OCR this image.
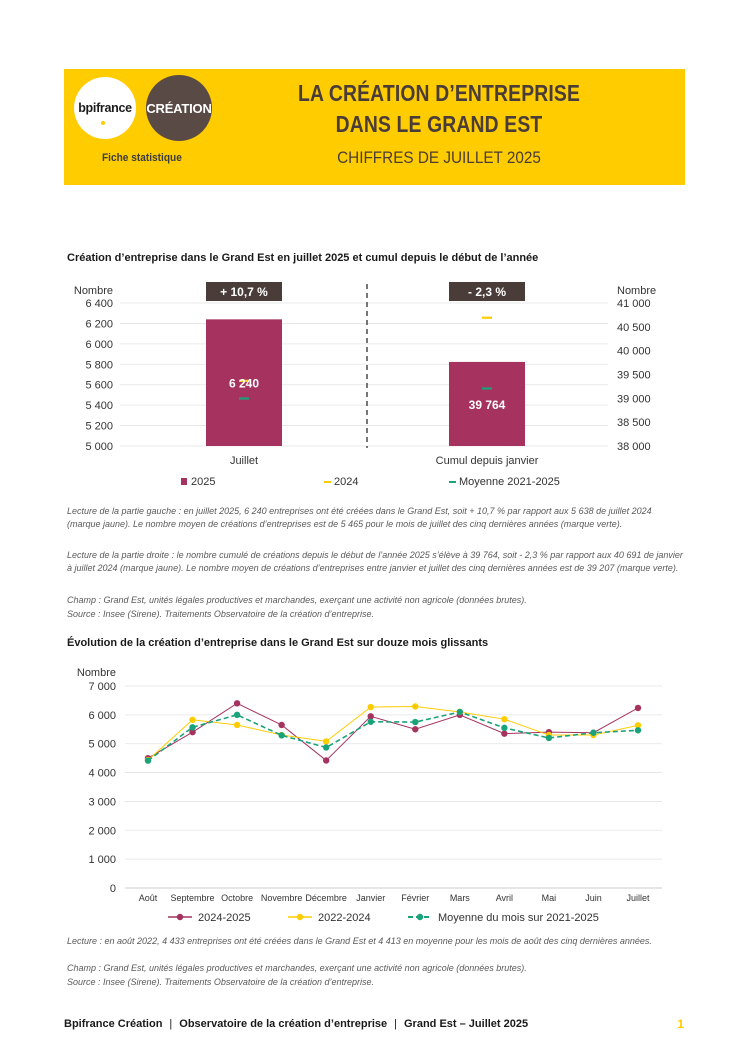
bpifrance CRÉATION
Fiche statistique
LA CRÉATION D’ENTREPRISE
DANS LE GRAND EST
CHIFFRES DE JUILLET 2025
Création d’entreprise dans le Grand Est en juillet 2025 et cumul depuis le début de l’année
5 000
5 200
5 400
5 600
5 800
6 000
6 200
6 400
38 000
38 500
39 000
39 500
40 000
40 500
41 000
Nombre	Nombre
6 240
+ 10,7 %
Juillet
39 764
- 2,3 %
Cumul depuis janvier
2025	2024	Moyenne 2021-2025
Lecture de la partie gauche : en juillet 2025, 6 240 entreprises ont été créées dans le Grand Est, soit + 10,7 % par rapport aux 5 638 de juillet 2024 (marque jaune). Le nombre moyen de créations d’entreprises est de 5 465 pour le mois de juillet des cinq dernières années (marque verte).
Lecture de la partie droite : le nombre cumulé de créations depuis le début de l’année 2025 s’élève à 39 764, soit - 2,3 % par rapport aux 40 691 de janvier à juillet 2024 (marque jaune). Le nombre moyen de créations d’entreprises entre janvier et juillet des cinq dernières années est de 39 207 (marque verte).
Champ : Grand Est, unités légales productives et marchandes, exerçant une activité non agricole (données brutes).
Source : Insee (Sirene). Traitements Observatoire de la création d’entreprise.
Évolution de la création d’entreprise dans le Grand Est sur douze mois glissants
0
1 000
2 000
3 000
4 000
5 000
6 000
7 000
Nombre
Août Septembre Octobre Novembre Décembre Janvier Février Mars	Avril	Mai	Juin	Juillet
2024-2025	2022-2024	Moyenne du mois sur 2021-2025
Lecture : en août 2022, 4 433 entreprises ont été créées dans le Grand Est et 4 413 en moyenne pour les mois de août des cinq dernières années.
Champ : Grand Est, unités légales productives et marchandes, exerçant une activité non agricole (données brutes).
Source : Insee (Sirene). Traitements Observatoire de la création d’entreprise.
Bpifrance Création | Observatoire de la création d’entreprise | Grand Est – Juillet 2025	1
